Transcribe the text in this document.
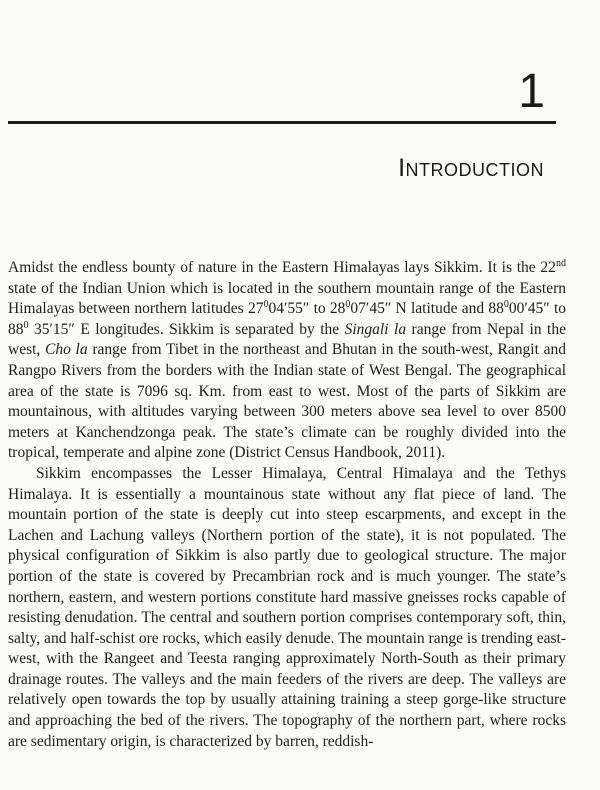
1
Introduction

Amidst the endless bounty of nature in the Eastern Himalayas lays Sikkim. It is the 22nd state of the Indian Union which is located in the southern mountain range of the Eastern Himalayas between northern latitudes $27^004'55''$ to $28^007'45''$ N latitude and $88^000'45''$ to $88^0$ 35′15″ E longitudes. Sikkim is separated by the Singali la range from Nepal in the west, Cho la range from Tibet in the northeast and Bhutan in the south-west, Rangit and Rangpo Rivers from the borders with the Indian state of West Bengal. The geographical area of the state is 7096 sq. Km. from east to west. Most of the parts of Sikkim are mountainous, with altitudes varying between 300 meters above sea level to over 8500 meters at Kanchendzonga peak. The state’s climate can be roughly divided into the tropical, temperate and alpine zone (District Census Handbook, 2011).

Sikkim encompasses the Lesser Himalaya, Central Himalaya and the Tethys Himalaya. It is essentially a mountainous state without any flat piece of land. The mountain portion of the state is deeply cut into steep escarpments, and except in the Lachen and Lachung valleys (Northern portion of the state), it is not populated. The physical configuration of Sikkim is also partly due to geological structure. The major portion of the state is covered by Precambrian rock and is much younger. The state’s northern, eastern, and western portions constitute hard massive gneisses rocks capable of resisting denudation. The central and southern portion comprises contemporary soft, thin, salty, and half-schist ore rocks, which easily denude. The mountain range is trending east-west, with the Rangeet and Teesta ranging approximately North-South as their primary drainage routes. The valleys and the main feeders of the rivers are deep. The valleys are relatively open towards the top by usually attaining training a steep gorge-like structure and approaching the bed of the rivers. The topography of the northern part, where rocks are sedimentary origin, is characterized by barren, reddish-
